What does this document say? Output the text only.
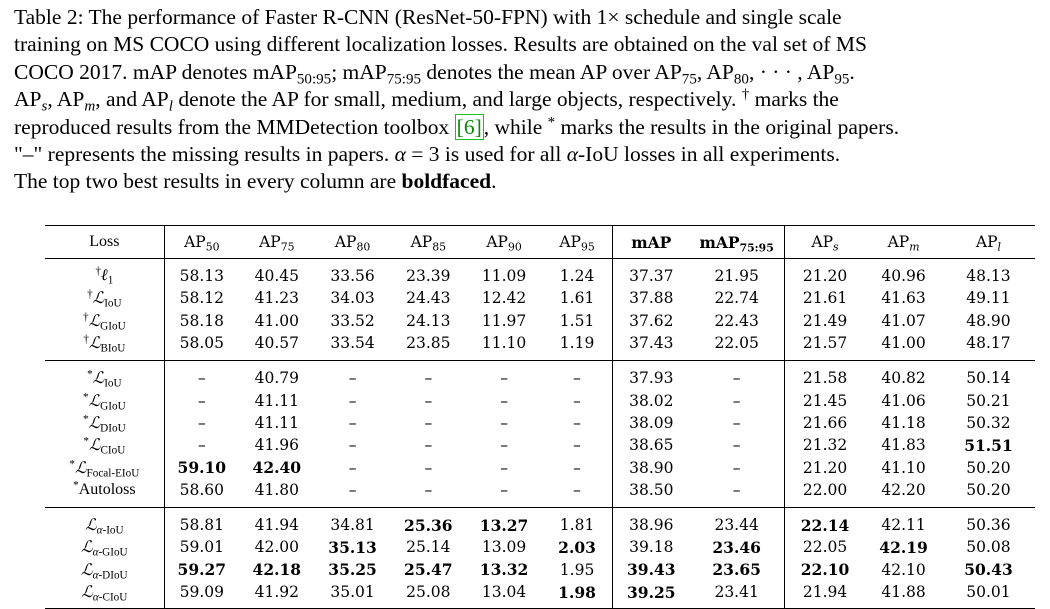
Table 2: The performance of Faster R-CNN (ResNet-50-FPN) with 1× schedule and single scale
training on MS COCO using different localization losses. Results are obtained on the val set of MS
COCO 2017. mAP denotes mAP$_{50:95}$; mAP$_{75:95}$ denotes the mean AP over $AP_{75}$, $AP_{80}$, · · · , $AP_{95}$.
$AP_s$, $AP_m$, and $AP_l$ denote the AP for small, medium, and large objects, respectively. † marks the
reproduced results from the MMDetection toolbox [6], while * marks the results in the original papers.
"–" represents the missing results in papers. α = 3 is used for all α-IoU losses in all experiments.
The top two best results in every column are boldfaced.
Loss	$AP_{50}$	$AP_{75}$	$AP_{80}$	$AP_{85}$	$AP_{90}$	$AP_{95}$	mAP	mAP$_{75:95}$	$AP_s$	$AP_m$	$AP_l$
†ℓ$_1$	58.13	40.45	33.56	23.39	11.09	1.24	37.37	21.95	21.20	40.96	48.13
†ℒ$_{IoU}$	58.12	41.23	34.03	24.43	12.42	1.61	37.88	22.74	21.61	41.63	49.11
†ℒ$_{GIoU}$	58.18	41.00	33.52	24.13	11.97	1.51	37.62	22.43	21.49	41.07	48.90
†ℒ$_{BIoU}$	58.05	40.57	33.54	23.85	11.10	1.19	37.43	22.05	21.57	41.00	48.17
*ℒ$_{IoU}$	–	40.79	–	–	–	–	37.93	–	21.58	40.82	50.14
*ℒ$_{GIoU}$	–	41.11	–	–	–	–	38.02	–	21.45	41.06	50.21
*ℒ$_{DIoU}$	–	41.11	–	–	–	–	38.09	–	21.66	41.18	50.32
*ℒ$_{CIoU}$	–	41.96	–	–	–	–	38.65	–	21.32	41.83	51.51
*ℒ$_{Focal-EIoU}$	59.10	42.40	–	–	–	–	38.90	–	21.20	41.10	50.20
*Autoloss	58.60	41.80	–	–	–	–	38.50	–	22.00	42.20	50.20
ℒ$_{\alpha-IoU}$	58.81	41.94	34.81	25.36	13.27	1.81	38.96	23.44	22.14	42.11	50.36
ℒ$_{\alpha-GIoU}$	59.01	42.00	35.13	25.14	13.09	2.03	39.18	23.46	22.05	42.19	50.08
ℒ$_{\alpha-DIoU}$	59.27	42.18	35.25	25.47	13.32	1.95	39.43	23.65	22.10	42.10	50.43
ℒ$_{\alpha-CIoU}$	59.09	41.92	35.01	25.08	13.04	1.98	39.25	23.41	21.94	41.88	50.01
